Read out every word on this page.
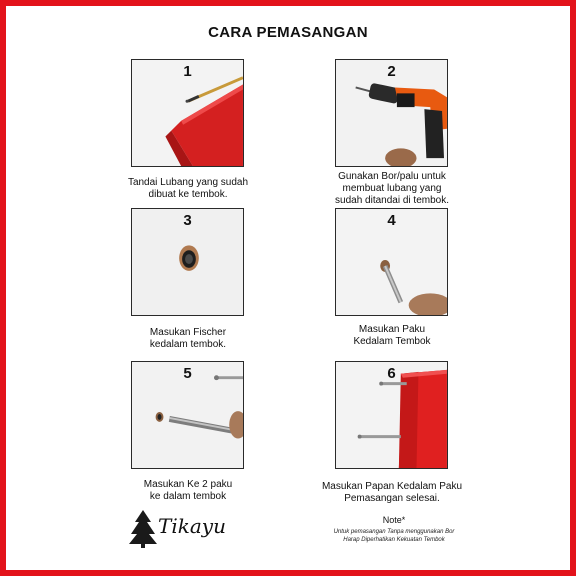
CARA PEMASANGAN
1
Tandai Lubang yang sudah
dibuat ke tembok.
2
Gunakan Bor/palu untuk
membuat lubang yang
sudah ditandai di tembok.
3
Masukan Fischer
kedalam tembok.
4
Masukan Paku
Kedalam Tembok
5
Masukan Ke 2 paku
ke dalam tembok
6
Masukan Papan Kedalam Paku
Pemasangan selesai.
Tikayu	Note*
Untuk pemasangan Tanpa menggunakan Bor
Harap Diperhatikan Kekuatan Tembok
